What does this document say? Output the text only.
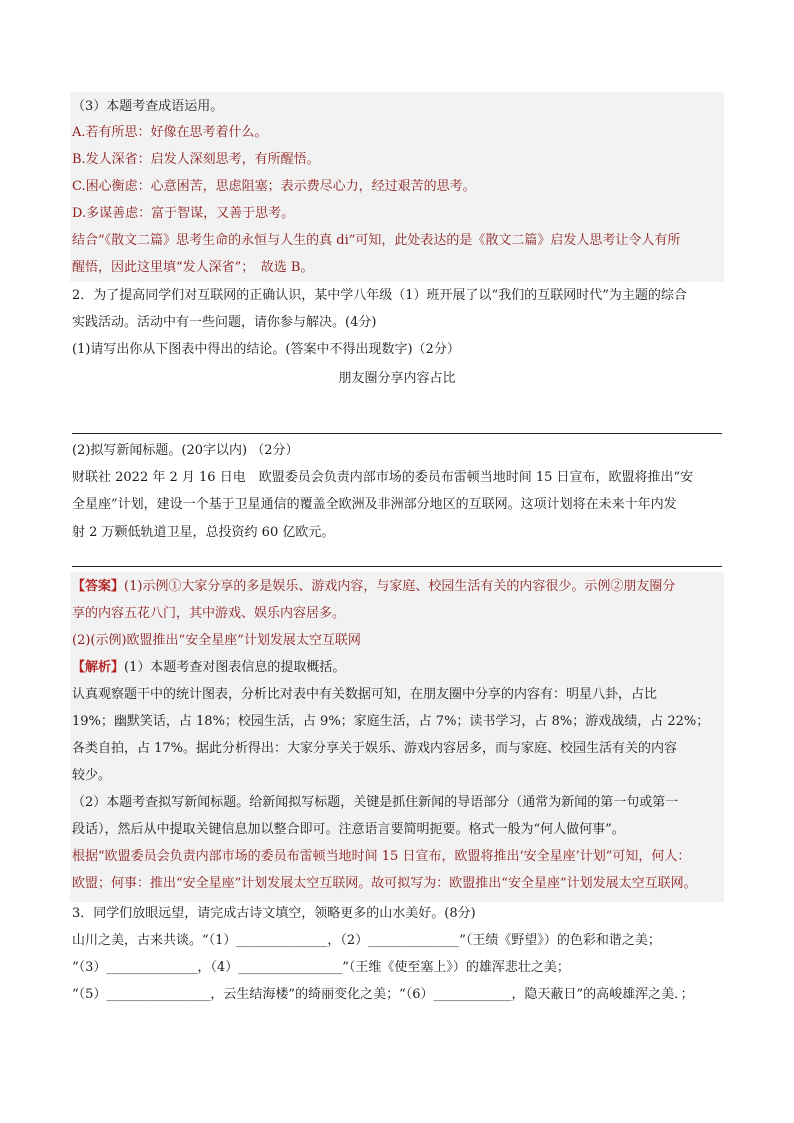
（3）本题考查成语运用。
A.若有所思：好像在思考着什么。
B.发人深省：启发人深刻思考，有所醒悟。
C.困心衡虑：心意困苦，思虑阻塞；表示费尽心力，经过艰苦的思考。
D.多谋善虑：富于智谋，又善于思考。
结合“《散文二篇》思考生命的永恒与人生的真 di”可知，此处表达的是《散文二篇》启发人思考让令人有所
醒悟，因此这里填“发人深省”；　故选 B。
2．为了提高同学们对互联网的正确认识，某中学八年级（1）班开展了以“我们的互联网时代”为主题的综合
实践活动。活动中有一些问题，请你参与解决。(4分)
(1)请写出你从下图表中得出的结论。(答案中不得出现数字)（2分）
朋友圈分享内容占比
(2)拟写新闻标题。(20字以内) （2分）
财联社 2022 年 2 月 16 日电　欧盟委员会负责内部市场的委员布雷顿当地时间 15 日宣布，欧盟将推出“安
全星座”计划，建设一个基于卫星通信的覆盖全欧洲及非洲部分地区的互联网。这项计划将在未来十年内发
射 2 万颗低轨道卫星，总投资约 60 亿欧元。
【答案】(1)示例①大家分享的多是娱乐、游戏内容，与家庭、校园生活有关的内容很少。示例②朋友圈分
享的内容五花八门，其中游戏、娱乐内容居多。
(2)(示例)欧盟推出“安全星座”计划发展太空互联网
【解析】(1）本题考查对图表信息的提取概括。
认真观察题干中的统计图表，分析比对表中有关数据可知，在朋友圈中分享的内容有：明星八卦，占比
19%；幽默笑话，占 18%；校园生活，占 9%；家庭生活，占 7%；读书学习，占 8%；游戏战绩，占 22%；
各类自拍，占 17%。据此分析得出：大家分享关于娱乐、游戏内容居多，而与家庭、校园生活有关的内容
较少。
（2）本题考查拟写新闻标题。给新闻拟写标题，关键是抓住新闻的导语部分（通常为新闻的第一句或第一
段话），然后从中提取关键信息加以整合即可。注意语言要简明扼要。格式一般为“何人做何事”。
根据“欧盟委员会负责内部市场的委员布雷顿当地时间 15 日宣布，欧盟将推出‘安全星座’计划”可知，何人：
欧盟；何事：推出“安全星座”计划发展太空互联网。故可拟写为：欧盟推出“安全星座”计划发展太空互联网。
3．同学们放眼远望，请完成古诗文填空，领略更多的山水美好。(8分)
山川之美，古来共谈。“（1）______________，（2）______________”（王绩《野望》）的色彩和谐之美；
“（3）______________，（4）________________”（王维《使至塞上》）的雄浑悲壮之美；
“（5）________________，云生结海楼”的绮丽变化之美；“（6）____________，隐天蔽日”的高峻雄浑之美．；
